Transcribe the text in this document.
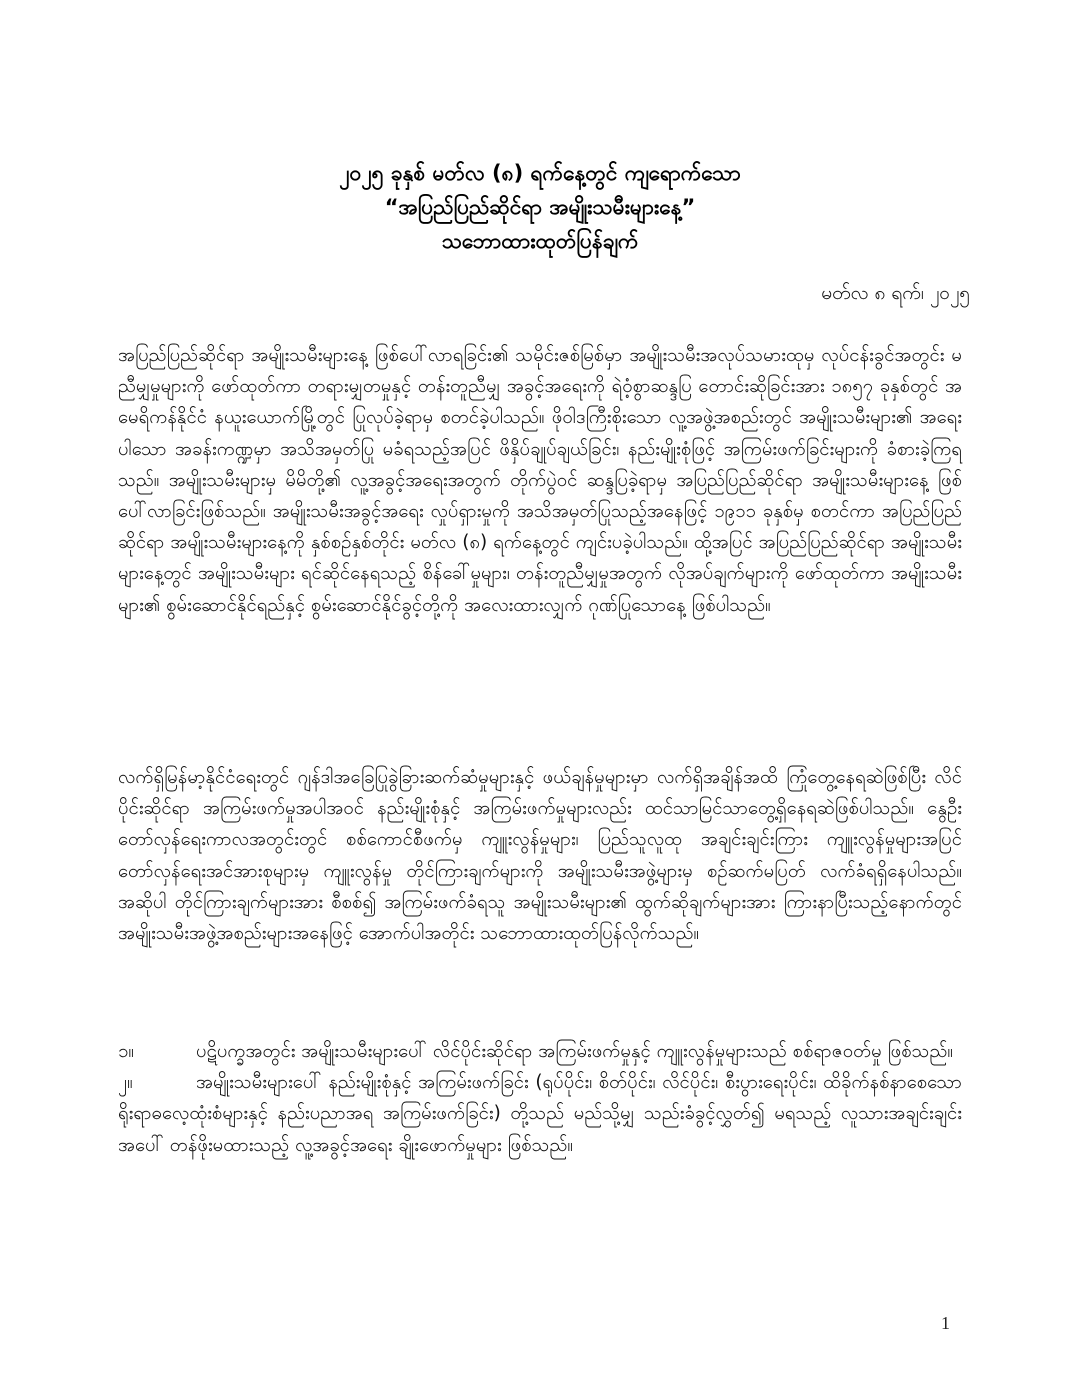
၂၀၂၅ ခုနှစ် မတ်လ (၈) ရက်နေ့တွင် ကျရောက်သော
“အပြည်ပြည်ဆိုင်ရာ အမျိုးသမီးများနေ့”
သဘောထားထုတ်ပြန်ချက်
မတ်လ ၈ ရက်၊ ၂၀၂၅

အပြည်ပြည်ဆိုင်ရာ အမျိုးသမီးများနေ့ ဖြစ်ပေါ်လာရခြင်း၏ သမိုင်းဇစ်မြစ်မှာ အမျိုးသမီးအလုပ်သမားထုမှ လုပ်ငန်းခွင်အတွင်း မညီမျှမှုများကို ဖော်ထုတ်ကာ တရားမျှတမှုနှင့် တန်းတူညီမျှ အခွင့်အရေးကို ရဲဝံ့စွာဆန္ဒပြ တောင်းဆိုခြင်းအား ၁၈၅၇ ခုနှစ်တွင် အမေရိကန်နိုင်ငံ နယူးယောက်မြို့တွင် ပြုလုပ်ခဲ့ရာမှ စတင်ခဲ့ပါသည်။ ဖိုဝါဒကြီးစိုးသော လူ့အဖွဲ့အစည်းတွင် အမျိုးသမီးများ၏ အရေးပါသော အခန်းကဏ္ဍမှာ အသိအမှတ်ပြု မခံရသည့်အပြင် ဖိနှိပ်ချုပ်ချယ်ခြင်း၊ နည်းမျိုးစုံဖြင့် အကြမ်းဖက်ခြင်းများကို ခံစားခဲ့ကြရသည်။ အမျိုးသမီးများမှ မိမိတို့၏ လူ့အခွင့်အရေးအတွက် တိုက်ပွဲဝင် ဆန္ဒပြခဲ့ရာမှ အပြည်ပြည်ဆိုင်ရာ အမျိုးသမီးများနေ့ ဖြစ်ပေါ်လာခြင်းဖြစ်သည်။ အမျိုးသမီးအခွင့်အရေး လှုပ်ရှားမှုကို အသိအမှတ်ပြုသည့်အနေဖြင့် ၁၉၁၁ ခုနှစ်မှ စတင်ကာ အပြည်ပြည်ဆိုင်ရာ အမျိုးသမီးများနေ့ကို နှစ်စဉ်နှစ်တိုင်း မတ်လ (၈) ရက်နေ့တွင် ကျင်းပခဲ့ပါသည်။ ထို့အပြင် အပြည်ပြည်ဆိုင်ရာ အမျိုးသမီးများနေ့တွင် အမျိုးသမီးများ ရင်ဆိုင်နေရသည့် စိန်ခေါ်မှုများ၊ တန်းတူညီမျှမှုအတွက် လိုအပ်ချက်များကို ဖော်ထုတ်ကာ အမျိုးသမီးများ၏ စွမ်းဆောင်နိုင်ရည်နှင့် စွမ်းဆောင်နိုင်ခွင့်တို့ကို အလေးထားလျှက် ဂုဏ်ပြုသောနေ့ ဖြစ်ပါသည်။

လက်ရှိမြန်မာ့နိုင်ငံရေးတွင် ဂျန်ဒါအခြေပြုခွဲခြားဆက်ဆံမှုများနှင့် ဖယ်ချန်မှုများမှာ လက်ရှိအချိန်အထိ ကြုံတွေ့နေရဆဲဖြစ်ပြီး လိင်ပိုင်းဆိုင်ရာ အကြမ်းဖက်မှုအပါအဝင် နည်းမျိုးစုံနှင့် အကြမ်းဖက်မှုများလည်း ထင်သာမြင်သာတွေ့ရှိနေရဆဲဖြစ်ပါသည်။ နွေဦးတော်လှန်ရေးကာလအတွင်းတွင် စစ်ကောင်စီဖက်မှ ကျူးလွန်မှုများ၊ ပြည်သူလူထု အချင်းချင်းကြား ကျူးလွန်မှုများအပြင် တော်လှန်ရေးအင်အားစုများမှ ကျူးလွန်မှု တိုင်ကြားချက်များကို အမျိုးသမီးအဖွဲ့များမှ စဉ်ဆက်မပြတ် လက်ခံရရှိနေပါသည်။ အဆိုပါ တိုင်ကြားချက်များအား စီစစ်၍ အကြမ်းဖက်ခံရသူ အမျိုးသမီးများ၏ ထွက်ဆိုချက်များအား ကြားနာပြီးသည့်နောက်တွင် အမျိုးသမီးအဖွဲ့အစည်းများအနေဖြင့် အောက်ပါအတိုင်း သဘောထားထုတ်ပြန်လိုက်သည်။

၁။	ပဋိပက္ခအတွင်း အမျိုးသမီးများပေါ် လိင်ပိုင်းဆိုင်ရာ အကြမ်းဖက်မှုနှင့် ကျူးလွန်မှုများသည် စစ်ရာဇဝတ်မှု ဖြစ်သည်။
၂။	အမျိုးသမီးများပေါ် နည်းမျိုးစုံနှင့် အကြမ်းဖက်ခြင်း (ရုပ်ပိုင်း၊ စိတ်ပိုင်း၊ လိင်ပိုင်း၊ စီးပွားရေးပိုင်း၊ ထိခိုက်နစ်နာစေသော ရိုးရာဓလေ့ထုံးစံများနှင့် နည်းပညာအရ အကြမ်းဖက်ခြင်း) တို့သည် မည်သို့မျှ သည်းခံခွင့်လွှတ်၍ မရသည့် လူသားအချင်းချင်းအပေါ် တန်ဖိုးမထားသည့် လူ့အခွင့်အရေး ချိုးဖောက်မှုများ ဖြစ်သည်။
1
